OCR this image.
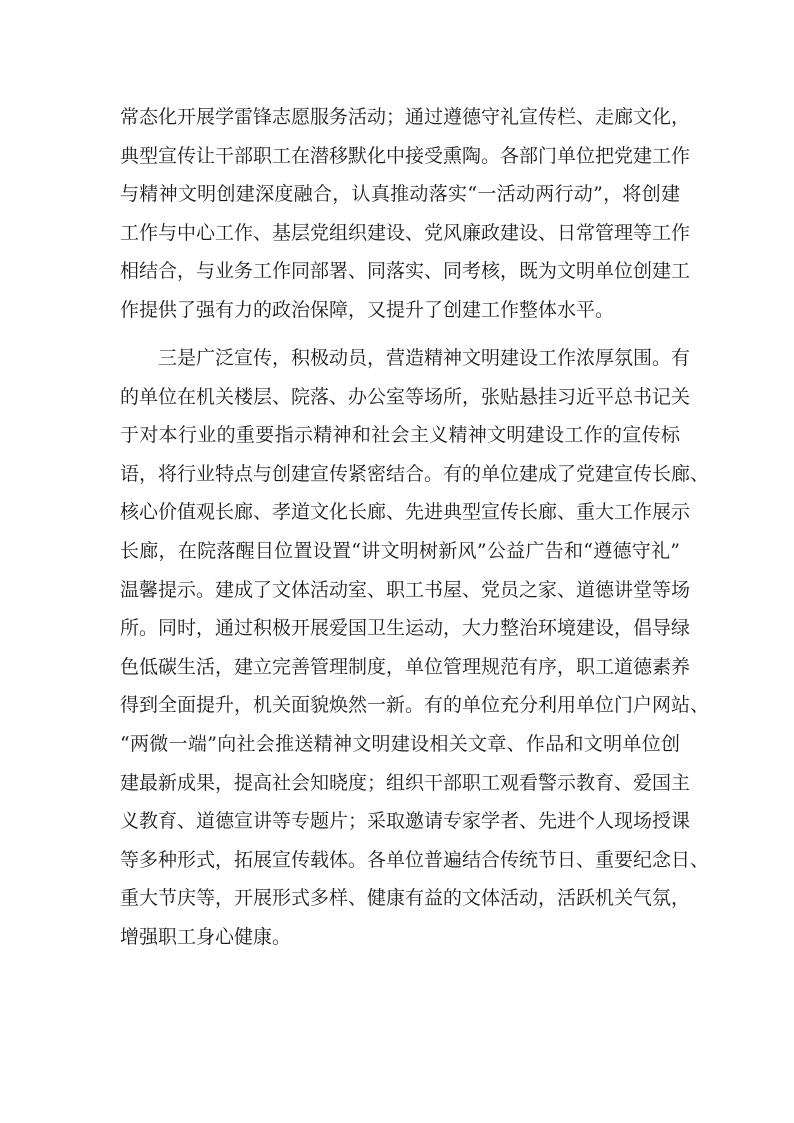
常态化开展学雷锋志愿服务活动；通过遵德守礼宣传栏、走廊文化，
典型宣传让干部职工在潜移默化中接受熏陶。各部门单位把党建工作
与精神文明创建深度融合，认真推动落实“一活动两行动”，将创建
工作与中心工作、基层党组织建设、党风廉政建设、日常管理等工作
相结合，与业务工作同部署、同落实、同考核，既为文明单位创建工
作提供了强有力的政治保障，又提升了创建工作整体水平。
三是广泛宣传，积极动员，营造精神文明建设工作浓厚氛围。有
的单位在机关楼层、院落、办公室等场所，张贴悬挂习近平总书记关
于对本行业的重要指示精神和社会主义精神文明建设工作的宣传标
语，将行业特点与创建宣传紧密结合。有的单位建成了党建宣传长廊、
核心价值观长廊、孝道文化长廊、先进典型宣传长廊、重大工作展示
长廊，在院落醒目位置设置“讲文明树新风”公益广告和“遵德守礼”
温馨提示。建成了文体活动室、职工书屋、党员之家、道德讲堂等场
所。同时，通过积极开展爱国卫生运动，大力整治环境建设，倡导绿
色低碳生活，建立完善管理制度，单位管理规范有序，职工道德素养
得到全面提升，机关面貌焕然一新。有的单位充分利用单位门户网站、
“两微一端”向社会推送精神文明建设相关文章、作品和文明单位创
建最新成果，提高社会知晓度；组织干部职工观看警示教育、爱国主
义教育、道德宣讲等专题片；采取邀请专家学者、先进个人现场授课
等多种形式，拓展宣传载体。各单位普遍结合传统节日、重要纪念日、
重大节庆等，开展形式多样、健康有益的文体活动，活跃机关气氛，
增强职工身心健康。
